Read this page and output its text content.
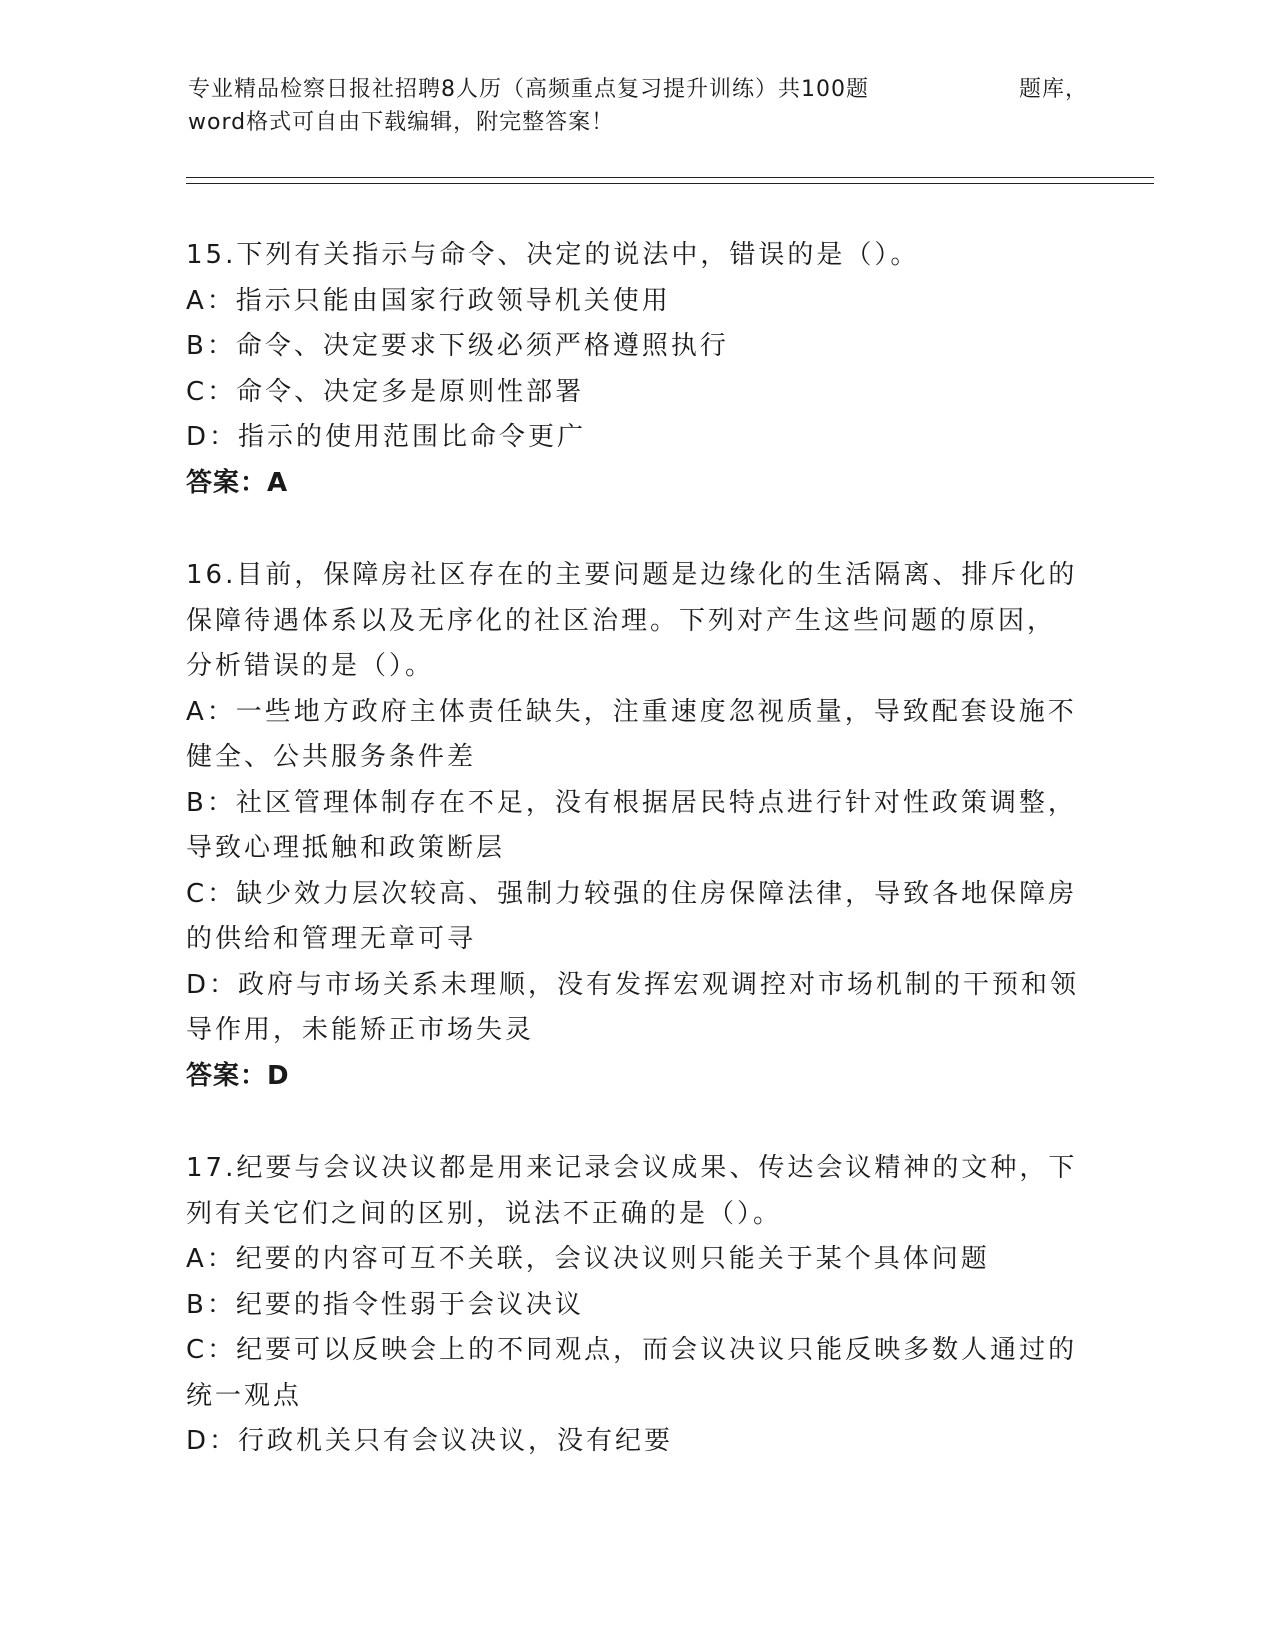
专业精品检察日报社招聘8人历（高频重点复习提升训练）共100题	题库，
word格式可自由下载编辑，附完整答案！
15.下列有关指示与命令、决定的说法中，错误的是（）。
A：指示只能由国家行政领导机关使用
B：命令、决定要求下级必须严格遵照执行
C：命令、决定多是原则性部署
D：指示的使用范围比命令更广
答案：A
16.目前，保障房社区存在的主要问题是边缘化的生活隔离、排斥化的
保障待遇体系以及无序化的社区治理。下列对产生这些问题的原因，
分析错误的是（）。
A：一些地方政府主体责任缺失，注重速度忽视质量，导致配套设施不
健全、公共服务条件差
B：社区管理体制存在不足，没有根据居民特点进行针对性政策调整，
导致心理抵触和政策断层
C：缺少效力层次较高、强制力较强的住房保障法律，导致各地保障房
的供给和管理无章可寻
D：政府与市场关系未理顺，没有发挥宏观调控对市场机制的干预和领
导作用，未能矫正市场失灵
答案：D
17.纪要与会议决议都是用来记录会议成果、传达会议精神的文种，下
列有关它们之间的区别，说法不正确的是（）。
A：纪要的内容可互不关联，会议决议则只能关于某个具体问题
B：纪要的指令性弱于会议决议
C：纪要可以反映会上的不同观点，而会议决议只能反映多数人通过的
统一观点
D：行政机关只有会议决议，没有纪要
